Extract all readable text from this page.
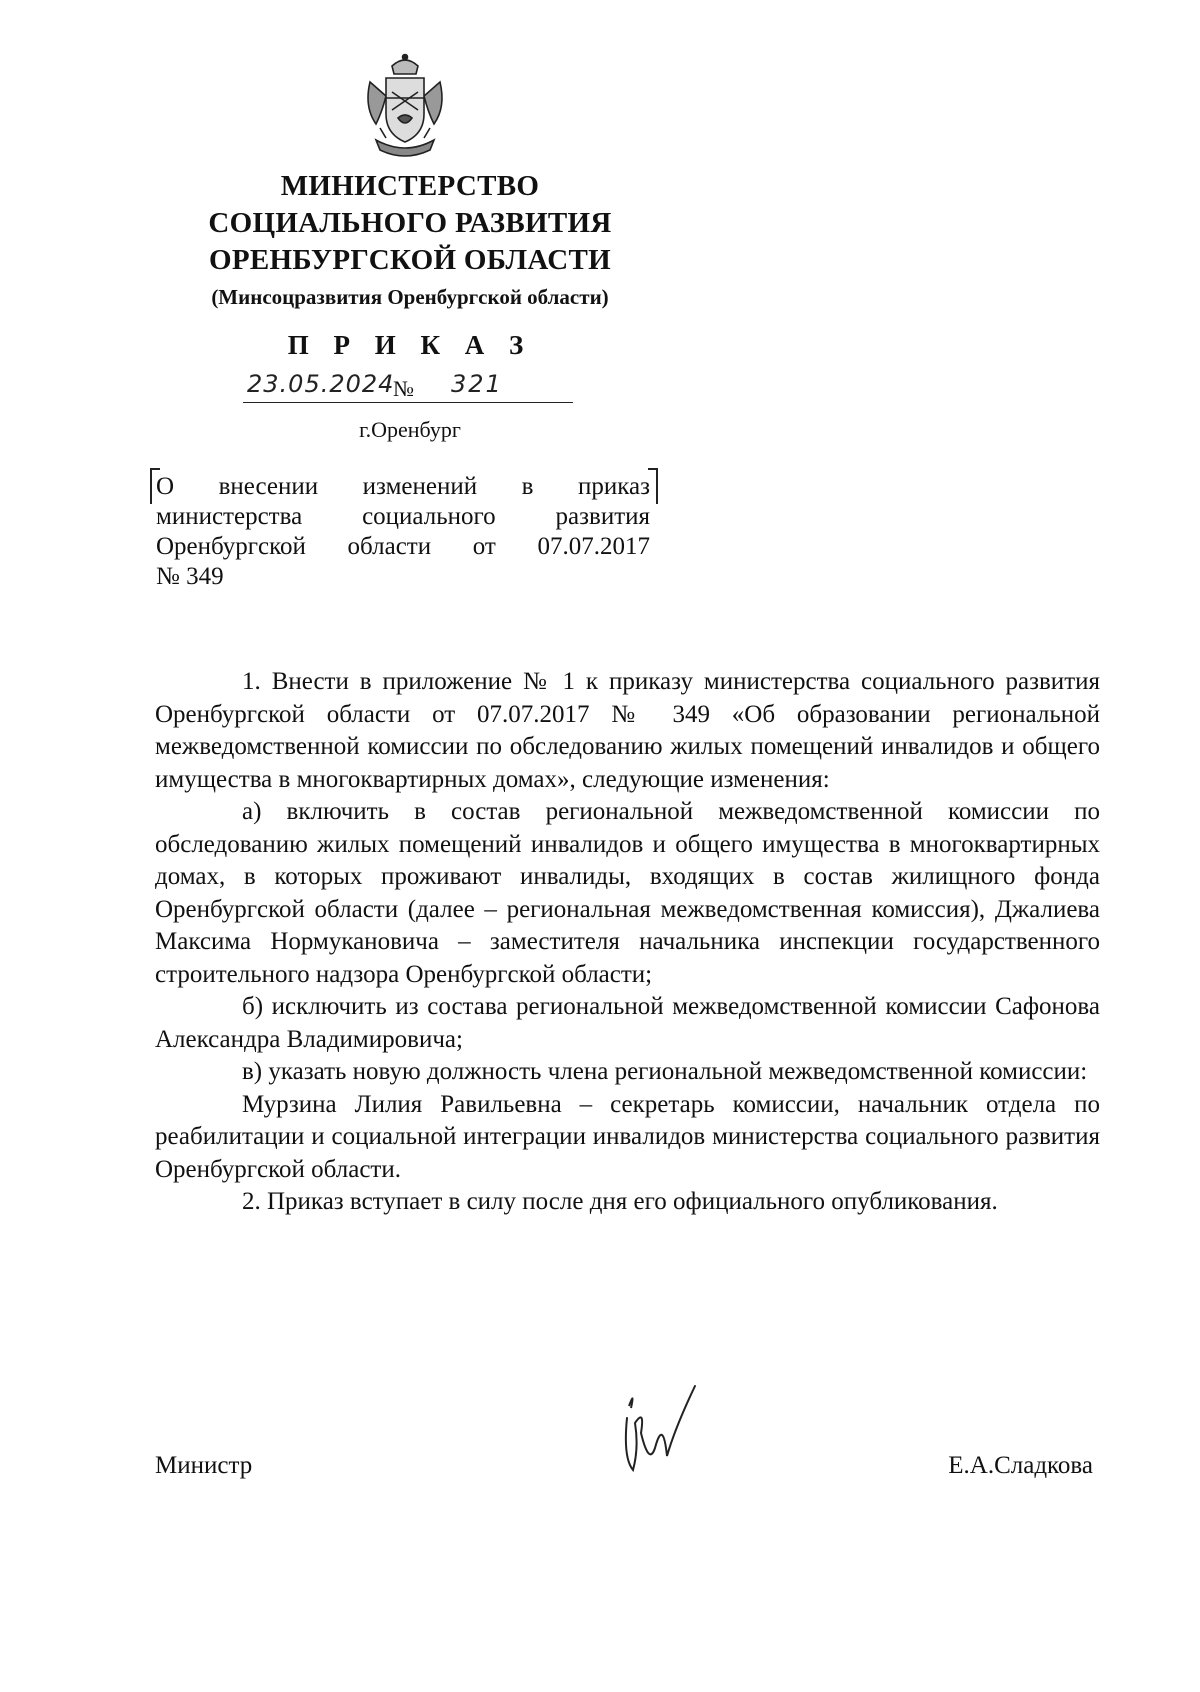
МИНИСТЕРСТВО
СОЦИАЛЬНОГО РАЗВИТИЯ
ОРЕНБУРГСКОЙ ОБЛАСТИ
(Минсоцразвития Оренбургской области)
П Р И К А З
23.05.2024
№ 321
г.Оренбург
О внесении изменений в приказ
министерства социального развития
Оренбургской области от 07.07.2017
№ 349

1. Внести в приложение № 1 к приказу министерства социального развития Оренбургской области от 07.07.2017 № 349 «Об образовании региональной межведомственной комиссии по обследованию жилых помещений инвалидов и общего имущества в многоквартирных домах», следующие изменения:

а) включить в состав региональной межведомственной комиссии по обследованию жилых помещений инвалидов и общего имущества в многоквартирных домах, в которых проживают инвалиды, входящих в состав жилищного фонда Оренбургской области (далее – региональная межведомственная комиссия), Джалиева Максима Нормукановича – заместителя начальника инспекции государственного строительного надзора Оренбургской области;

б) исключить из состава региональной межведомственной комиссии Сафонова Александра Владимировича;

в) указать новую должность члена региональной межведомственной комиссии:

Мурзина Лилия Равильевна – секретарь комиссии, начальник отдела по реабилитации и социальной интеграции инвалидов министерства социального развития Оренбургской области.

2. Приказ вступает в силу после дня его официального опубликования.

Министр	Е.А.Сладкова
